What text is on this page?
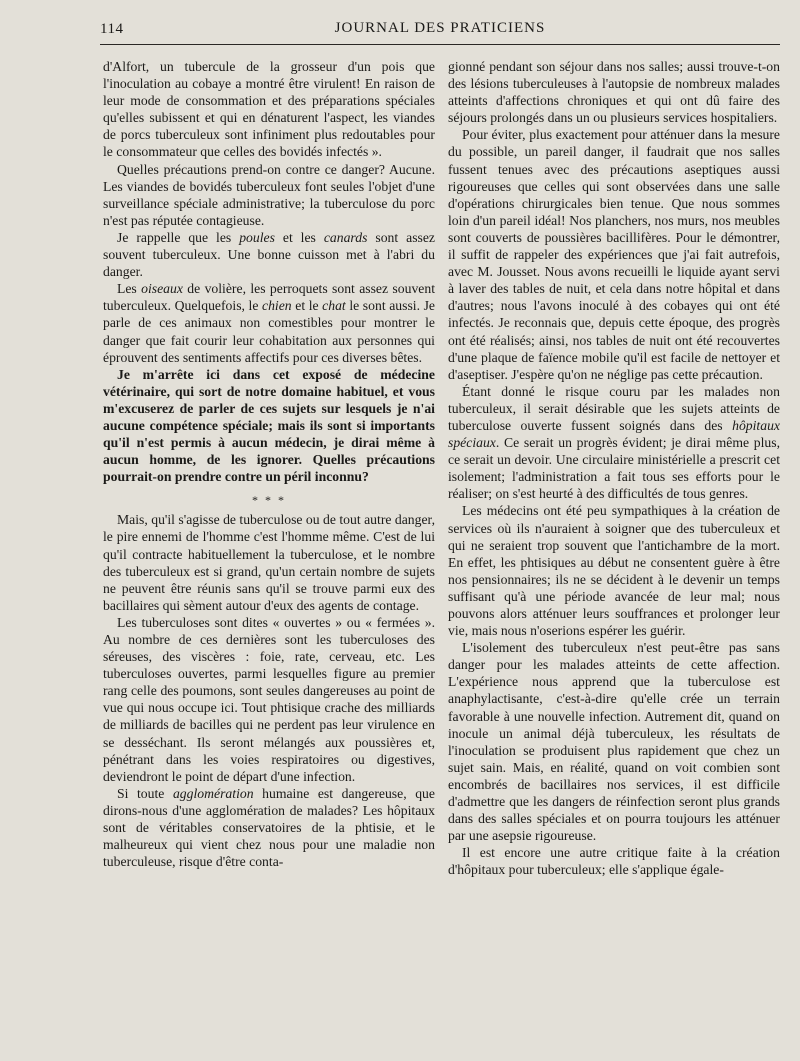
114	JOURNAL DES PRATICIENS

d'Alfort, un tubercule de la grosseur d'un pois que l'inoculation au cobaye a montré être virulent! En raison de leur mode de consommation et des préparations spéciales qu'elles subissent et qui en dénaturent l'aspect, les viandes de porcs tuberculeux sont infiniment plus redoutables pour le consommateur que celles des bovidés infectés ».

Quelles précautions prend-on contre ce danger? Aucune. Les viandes de bovidés tuberculeux font seules l'objet d'une surveillance spéciale administrative; la tuberculose du porc n'est pas réputée contagieuse.

Je rappelle que les poules et les canards sont assez souvent tuberculeux. Une bonne cuisson met à l'abri du danger.

Les oiseaux de volière, les perroquets sont assez souvent tuberculeux. Quelquefois, le chien et le chat le sont aussi. Je parle de ces animaux non comestibles pour montrer le danger que fait courir leur cohabitation aux personnes qui éprouvent des sentiments affectifs pour ces diverses bêtes.

Je m'arrête ici dans cet exposé de médecine vétérinaire, qui sort de notre domaine habituel, et vous m'excuserez de parler de ces sujets sur lesquels je n'ai aucune compétence spéciale; mais ils sont si importants qu'il n'est permis à aucun médecin, je dirai même à aucun homme, de les ignorer. Quelles précautions pourrait-on prendre contre un péril inconnu?

* * *

Mais, qu'il s'agisse de tuberculose ou de tout autre danger, le pire ennemi de l'homme c'est l'homme même. C'est de lui qu'il contracte habituellement la tuberculose, et le nombre des tuberculeux est si grand, qu'un certain nombre de sujets ne peuvent être réunis sans qu'il se trouve parmi eux des bacillaires qui sèment autour d'eux des agents de contage.

Les tuberculoses sont dites « ouvertes » ou « fermées ». Au nombre de ces dernières sont les tuberculoses des séreuses, des viscères : foie, rate, cerveau, etc. Les tuberculoses ouvertes, parmi lesquelles figure au premier rang celle des poumons, sont seules dangereuses au point de vue qui nous occupe ici. Tout phtisique crache des milliards de milliards de bacilles qui ne perdent pas leur virulence en se desséchant. Ils seront mélangés aux poussières et, pénétrant dans les voies respiratoires ou digestives, deviendront le point de départ d'une infection.

Si toute agglomération humaine est dangereuse, que dirons-nous d'une agglomération de malades? Les hôpitaux sont de véritables conservatoires de la phtisie, et le malheureux qui vient chez nous pour une maladie non tuberculeuse, risque d'être conta-

gionné pendant son séjour dans nos salles; aussi trouve-t-on des lésions tuberculeuses à l'autopsie de nombreux malades atteints d'affections chroniques et qui ont dû faire des séjours prolongés dans un ou plusieurs services hospitaliers.

Pour éviter, plus exactement pour atténuer dans la mesure du possible, un pareil danger, il faudrait que nos salles fussent tenues avec des précautions aseptiques aussi rigoureuses que celles qui sont observées dans une salle d'opérations chirurgicales bien tenue. Que nous sommes loin d'un pareil idéal! Nos planchers, nos murs, nos meubles sont couverts de poussières bacillifères. Pour le démontrer, il suffit de rappeler des expériences que j'ai fait autrefois, avec M. Jousset. Nous avons recueilli le liquide ayant servi à laver des tables de nuit, et cela dans notre hôpital et dans d'autres; nous l'avons inoculé à des cobayes qui ont été infectés. Je reconnais que, depuis cette époque, des progrès ont été réalisés; ainsi, nos tables de nuit ont été recouvertes d'une plaque de faïence mobile qu'il est facile de nettoyer et d'aseptiser. J'espère qu'on ne néglige pas cette précaution.

Étant donné le risque couru par les malades non tuberculeux, il serait désirable que les sujets atteints de tuberculose ouverte fussent soignés dans des hôpitaux spéciaux. Ce serait un progrès évident; je dirai même plus, ce serait un devoir. Une circulaire ministérielle a prescrit cet isolement; l'administration a fait tous ses efforts pour le réaliser; on s'est heurté à des difficultés de tous genres.

Les médecins ont été peu sympathiques à la création de services où ils n'auraient à soigner que des tuberculeux et qui ne seraient trop souvent que l'antichambre de la mort. En effet, les phtisiques au début ne consentent guère à être nos pensionnaires; ils ne se décident à le devenir un temps suffisant qu'à une période avancée de leur mal; nous pouvons alors atténuer leurs souffrances et prolonger leur vie, mais nous n'oserions espérer les guérir.

L'isolement des tuberculeux n'est peut-être pas sans danger pour les malades atteints de cette affection. L'expérience nous apprend que la tuberculose est anaphylactisante, c'est-à-dire qu'elle crée un terrain favorable à une nouvelle infection. Autrement dit, quand on inocule un animal déjà tuberculeux, les résultats de l'inoculation se produisent plus rapidement que chez un sujet sain. Mais, en réalité, quand on voit combien sont encombrés de bacillaires nos services, il est difficile d'admettre que les dangers de réinfection seront plus grands dans des salles spéciales et on pourra toujours les atténuer par une asepsie rigoureuse.

Il est encore une autre critique faite à la création d'hôpitaux pour tuberculeux; elle s'applique égale-
